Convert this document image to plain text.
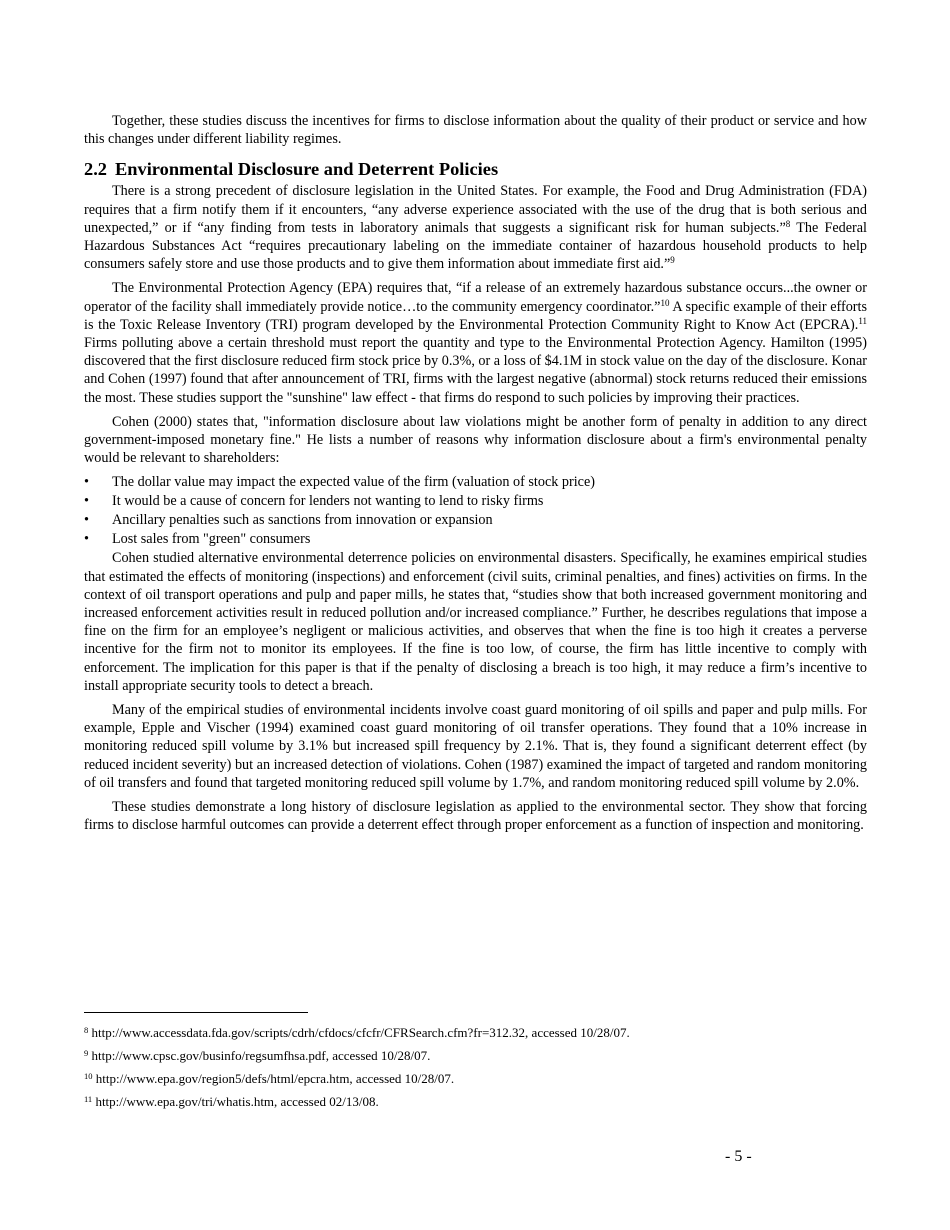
Together, these studies discuss the incentives for firms to disclose information about the quality of their product or service and how this changes under different liability regimes.

2.2 Environmental Disclosure and Deterrent Policies

There is a strong precedent of disclosure legislation in the United States. For example, the Food and Drug Administration (FDA) requires that a firm notify them if it encounters, “any adverse experience associated with the use of the drug that is both serious and unexpected,” or if “any finding from tests in laboratory animals that suggests a significant risk for human subjects.”$^8$ The Federal Hazardous Substances Act “requires precautionary labeling on the immediate container of hazardous household products to help consumers safely store and use those products and to give them information about immediate first aid.”$^9$

The Environmental Protection Agency (EPA) requires that, “if a release of an extremely hazardous substance occurs...the owner or operator of the facility shall immediately provide notice…to the community emergency coordinator.”$^{10}$ A specific example of their efforts is the Toxic Release Inventory (TRI) program developed by the Environmental Protection Community Right to Know Act (EPCRA).$^{11}$ Firms polluting above a certain threshold must report the quantity and type to the Environmental Protection Agency. Hamilton (1995) discovered that the first disclosure reduced firm stock price by 0.3%, or a loss of $4.1M in stock value on the day of the disclosure. Konar and Cohen (1997) found that after announcement of TRI, firms with the largest negative (abnormal) stock returns reduced their emissions the most. These studies support the "sunshine" law effect - that firms do respond to such policies by improving their practices.

Cohen (2000) states that, "information disclosure about law violations might be another form of penalty in addition to any direct government-imposed monetary fine." He lists a number of reasons why information disclosure about a firm's environmental penalty would be relevant to shareholders:

• The dollar value may impact the expected value of the firm (valuation of stock price)
• It would be a cause of concern for lenders not wanting to lend to risky firms
• Ancillary penalties such as sanctions from innovation or expansion
• Lost sales from "green" consumers

Cohen studied alternative environmental deterrence policies on environmental disasters. Specifically, he examines empirical studies that estimated the effects of monitoring (inspections) and enforcement (civil suits, criminal penalties, and fines) activities on firms. In the context of oil transport operations and pulp and paper mills, he states that, “studies show that both increased government monitoring and increased enforcement activities result in reduced pollution and/or increased compliance.” Further, he describes regulations that impose a fine on the firm for an employee’s negligent or malicious activities, and observes that when the fine is too high it creates a perverse incentive for the firm not to monitor its employees. If the fine is too low, of course, the firm has little incentive to comply with enforcement. The implication for this paper is that if the penalty of disclosing a breach is too high, it may reduce a firm’s incentive to install appropriate security tools to detect a breach.

Many of the empirical studies of environmental incidents involve coast guard monitoring of oil spills and paper and pulp mills. For example, Epple and Vischer (1994) examined coast guard monitoring of oil transfer operations. They found that a 10% increase in monitoring reduced spill volume by 3.1% but increased spill frequency by 2.1%. That is, they found a significant deterrent effect (by reduced incident severity) but an increased detection of violations. Cohen (1987) examined the impact of targeted and random monitoring of oil transfers and found that targeted monitoring reduced spill volume by 1.7%, and random monitoring reduced spill volume by 2.0%.

These studies demonstrate a long history of disclosure legislation as applied to the environmental sector. They show that forcing firms to disclose harmful outcomes can provide a deterrent effect through proper enforcement as a function of inspection and monitoring.

$^8$ http://www.accessdata.fda.gov/scripts/cdrh/cfdocs/cfcfr/CFRSearch.cfm?fr=312.32, accessed 10/28/07.

$^9$ http://www.cpsc.gov/businfo/regsumfhsa.pdf, accessed 10/28/07.

$^{10}$ http://www.epa.gov/region5/defs/html/epcra.htm, accessed 10/28/07.

$^{11}$ http://www.epa.gov/tri/whatis.htm, accessed 02/13/08.

- 5 -
